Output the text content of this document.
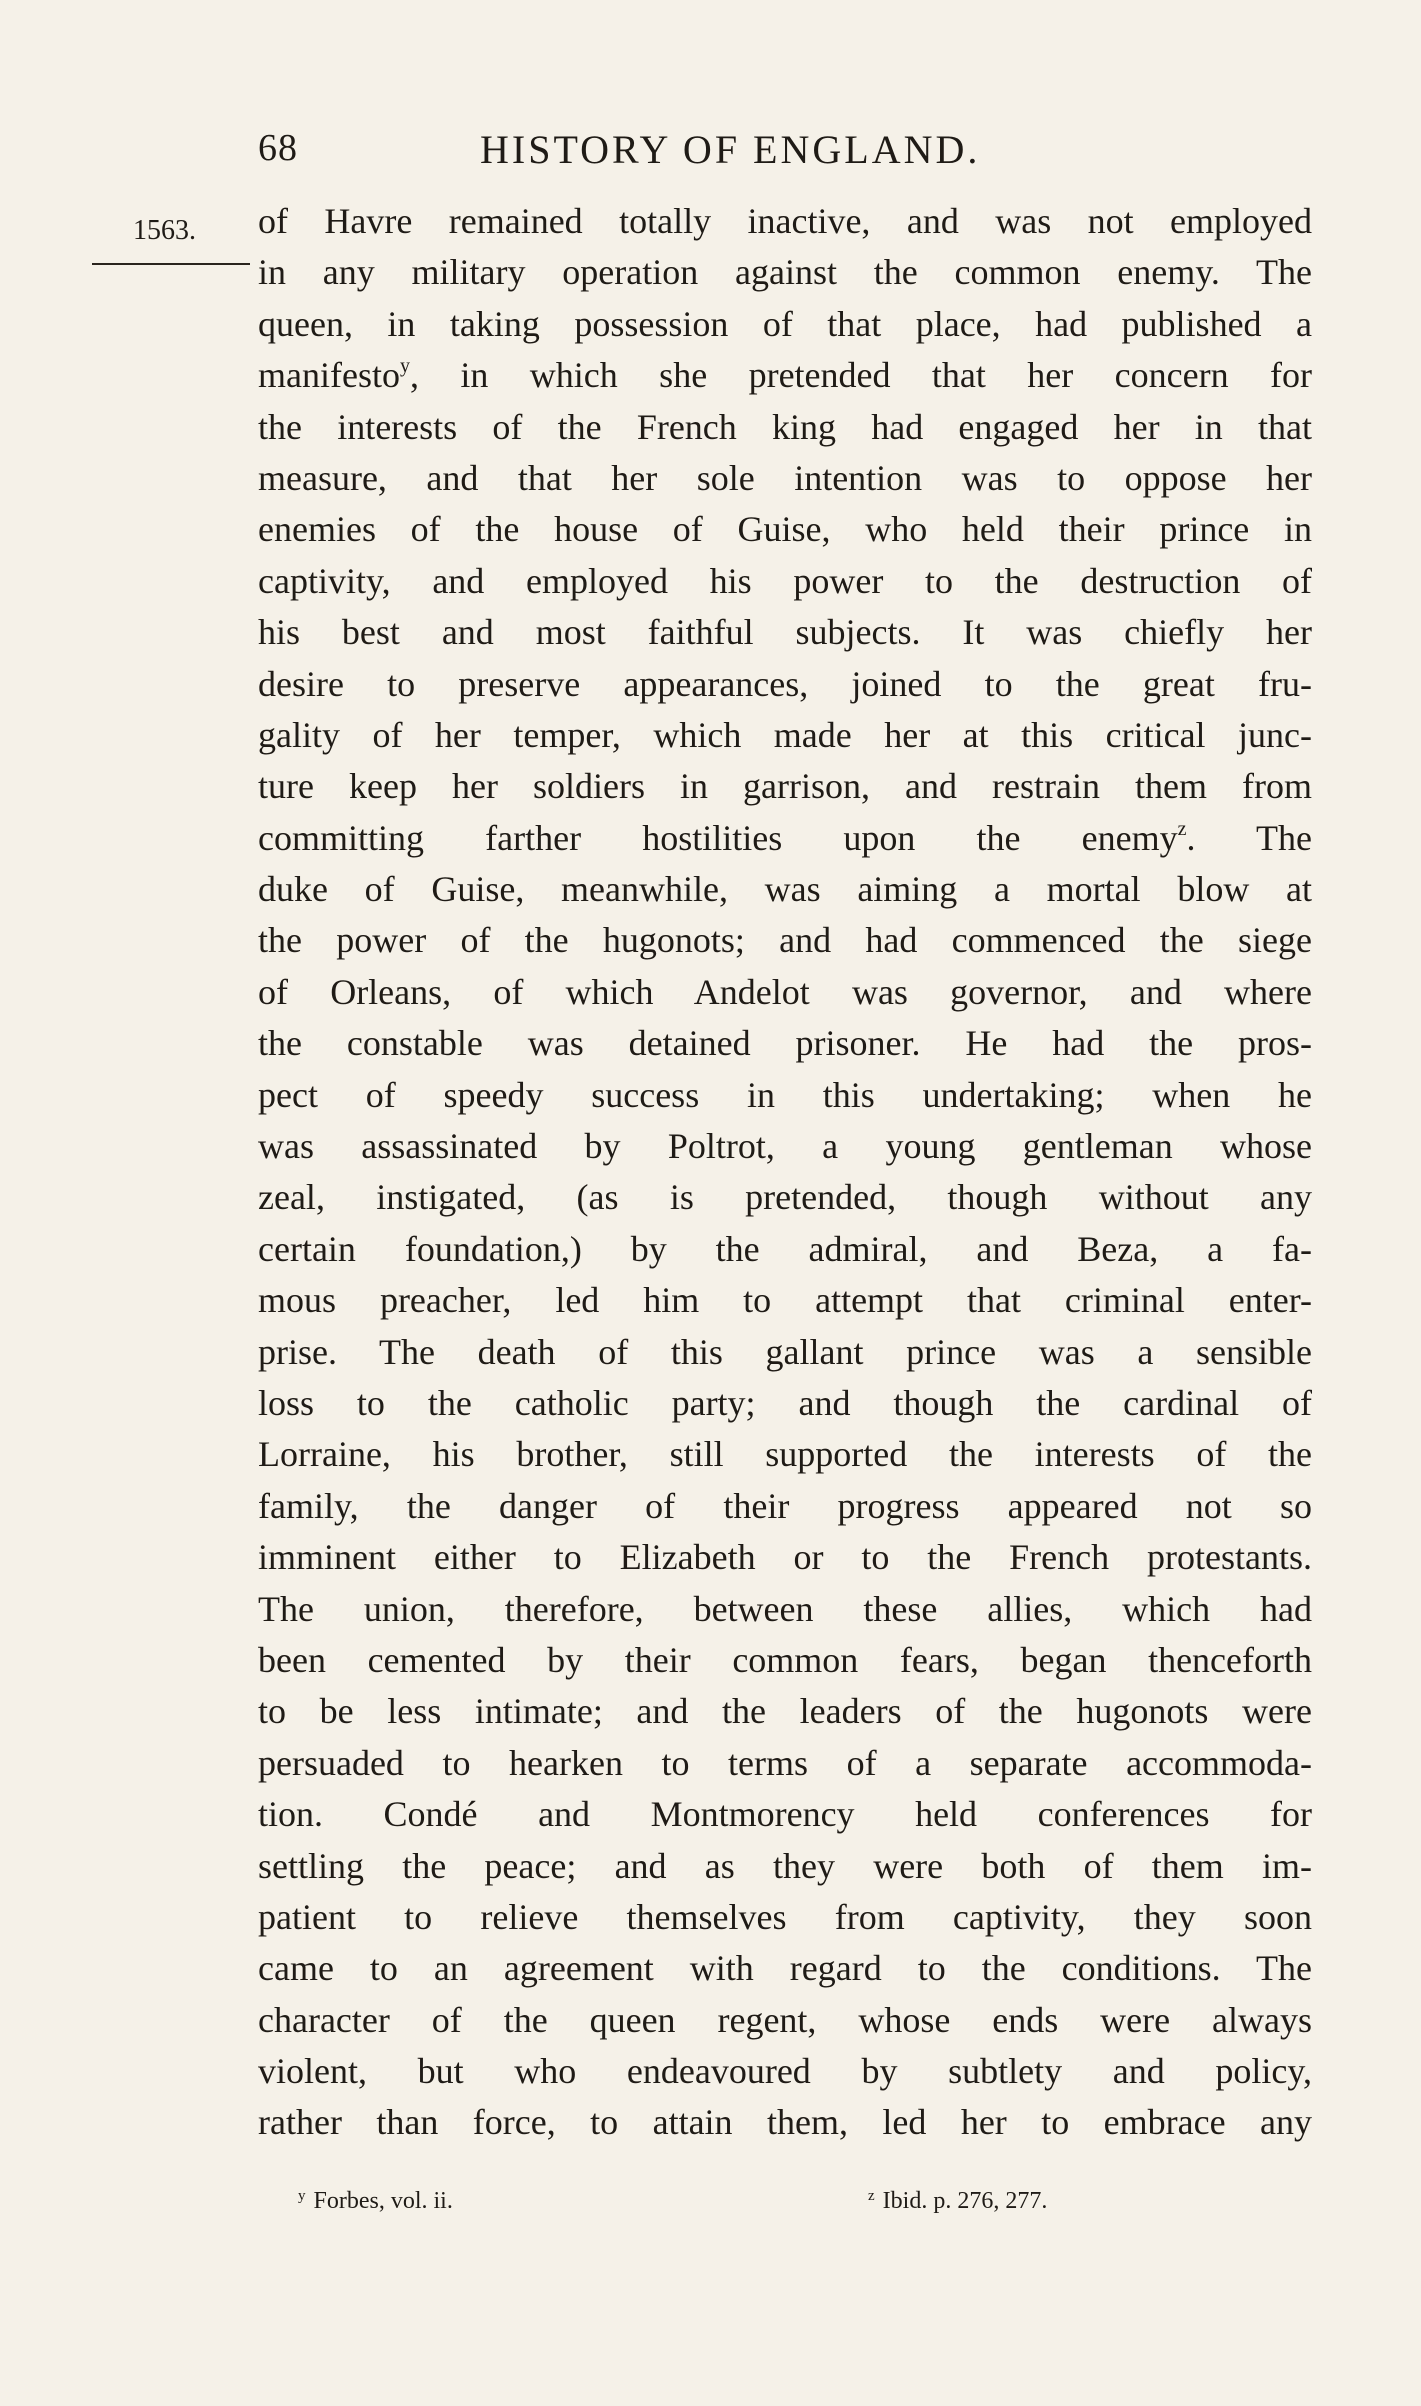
68	HISTORY OF ENGLAND.
1563. of Havre remained totally inactive, and was not employed
in any military operation against the common enemy. The
queen, in taking possession of that place, had published a
manifesto$^y$, in which she pretended that her concern for
the interests of the French king had engaged her in that
measure, and that her sole intention was to oppose her
enemies of the house of Guise, who held their prince in
captivity, and employed his power to the destruction of
his best and most faithful subjects. It was chiefly her
desire to preserve appearances, joined to the great fru-
gality of her temper, which made her at this critical junc-
ture keep her soldiers in garrison, and restrain them from
committing farther hostilities upon the enemy$^z$. The
duke of Guise, meanwhile, was aiming a mortal blow at
the power of the hugonots; and had commenced the siege
of Orleans, of which Andelot was governor, and where
the constable was detained prisoner. He had the pros-
pect of speedy success in this undertaking; when he
was assassinated by Poltrot, a young gentleman whose
zeal, instigated, (as is pretended, though without any
certain foundation,) by the admiral, and Beza, a fa-
mous preacher, led him to attempt that criminal enter-
prise. The death of this gallant prince was a sensible
loss to the catholic party; and though the cardinal of
Lorraine, his brother, still supported the interests of the
family, the danger of their progress appeared not so
imminent either to Elizabeth or to the French protestants.
The union, therefore, between these allies, which had
been cemented by their common fears, began thenceforth
to be less intimate; and the leaders of the hugonots were
persuaded to hearken to terms of a separate accommoda-
tion. Condé and Montmorency held conferences for
settling the peace; and as they were both of them im-
patient to relieve themselves from captivity, they soon
came to an agreement with regard to the conditions. The
character of the queen regent, whose ends were always
violent, but who endeavoured by subtlety and policy,
rather than force, to attain them, led her to embrace any
$^y$ Forbes, vol. ii.	$^z$ Ibid. p. 276, 277.
